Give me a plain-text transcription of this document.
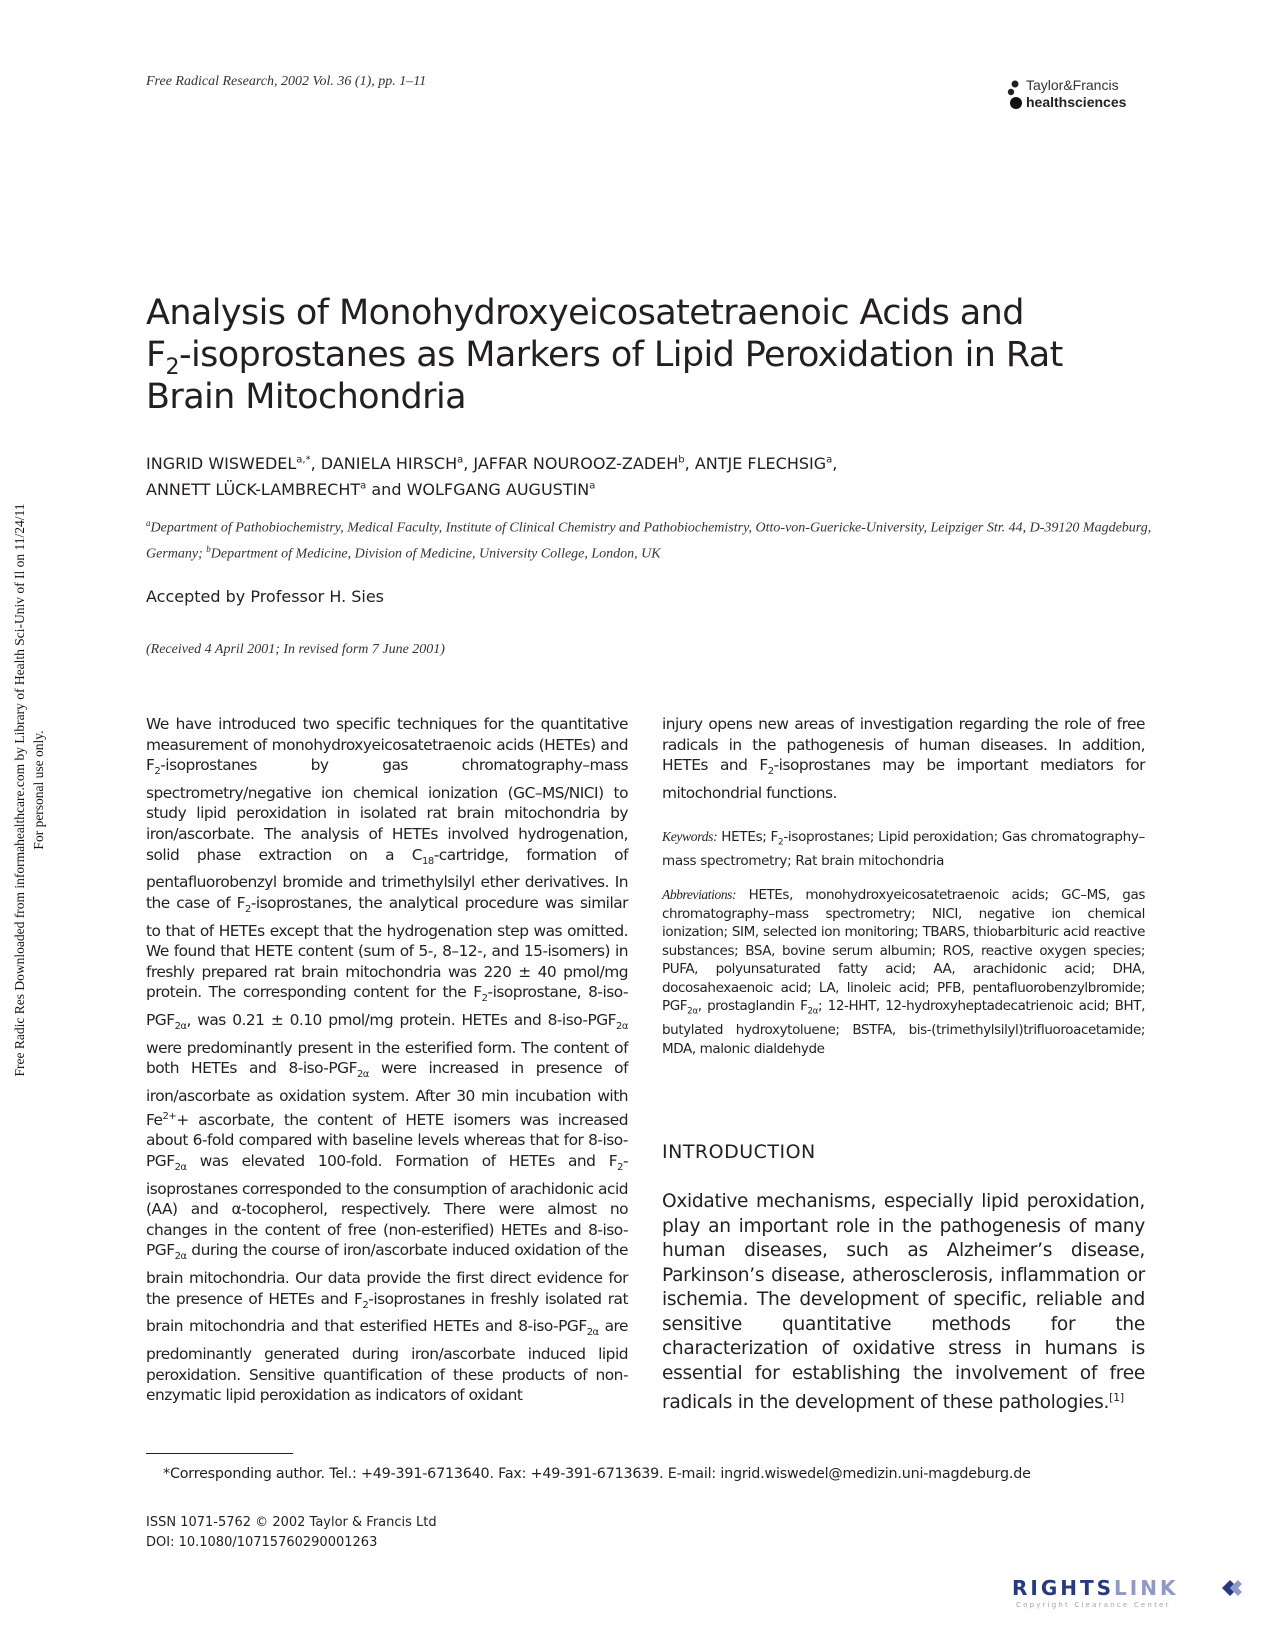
Free Radical Research, 2002 Vol. 36 (1), pp. 1–11	Taylor&Francis
healthsciences
Free Radic Res Downloaded from informahealthcare.com by Library of Health Sci-Univ of Il on 11/24/11 For personal use only.
Analysis of Monohydroxyeicosatetraenoic Acids and
$F_2$-isoprostanes as Markers of Lipid Peroxidation in Rat Brain Mitochondria
INGRID $WISWEDEL^{a,*}$, DANIELA HIRSCH$^a$, JAFFAR NOUROOZ-ZADEH$^b$, ANTJE FLECHSIG$^a$,
ANNETT LÜCK-LAMBRECHT$^a$ and WOLFGANG AUGUSTIN$^a$
$^a$Department of Pathobiochemistry, Medical Faculty, Institute of Clinical Chemistry and Pathobiochemistry, Otto-von-Guericke-University, Leipziger Str. 44, D-39120 Magdeburg, Germany; $^b$Department of Medicine, Division of Medicine, University College, London, UK
Accepted by Professor H. Sies
(Received 4 April 2001; In revised form 7 June 2001)

We have introduced two specific techniques for the quantitative measurement of monohydroxyeicosatetraenoic acids (HETEs) and $F_2$-isoprostanes by gas chromatography–mass spectrometry/negative ion chemical ionization (GC–MS/NICI) to study lipid peroxidation in isolated rat brain mitochondria by iron/ascorbate. The analysis of HETEs involved hydrogenation, solid phase extraction on a $C_{18}$-cartridge, formation of pentafluorobenzyl bromide and trimethylsilyl ether derivatives. In the case of $F_2$-isoprostanes, the analytical procedure was similar to that of HETEs except that the hydrogenation step was omitted. We found that HETE content (sum of 5-, 8–12-, and 15-isomers) in freshly prepared rat brain mitochondria was 220 ± 40 pmol/mg protein. The corresponding content for the $F_2$-isoprostane, $8-iso-PGF_{2\alpha}$, was 0.21 ± 0.10 pmol/mg protein. HETEs and $8-iso-PGF_{2\alpha}$ were predominantly present in the esterified form. The content of both HETEs and $8-iso-PGF_{2\alpha}$ were increased in presence of iron/ascorbate as oxidation system. After 30 min incubation with $Fe^{2+}+$ ascorbate, the content of HETE isomers was increased about 6-fold compared with baseline levels whereas that for $8-iso-PGF_{2\alpha}$ was elevated 100-fold. Formation of HETEs and $F_2$-isoprostanes corresponded to the consumption of arachidonic acid (AA) and α-tocopherol, respectively. There were almost no changes in the content of free (non-esterified) HETEs and $8-iso-PGF_{2\alpha}$ during the course of iron/ascorbate induced oxidation of the brain mitochondria. Our data provide the first direct evidence for the presence of HETEs and $F_2$-isoprostanes in freshly isolated rat brain mitochondria and that esterified HETEs and $8-iso-PGF_{2\alpha}$ are predominantly generated during iron/ascorbate induced lipid peroxidation. Sensitive quantification of these products of non-enzymatic lipid peroxidation as indicators of oxidant

injury opens new areas of investigation regarding the role of free radicals in the pathogenesis of human diseases. In addition, HETEs and $F_2$-isoprostanes may be important mediators for mitochondrial functions.

Keywords: HETEs; $F_2$-isoprostanes; Lipid peroxidation; Gas chromatography–mass spectrometry; Rat brain mitochondria

Abbreviations: HETEs, monohydroxyeicosatetraenoic acids; GC–MS, gas chromatography–mass spectrometry; NICI, negative ion chemical ionization; SIM, selected ion monitoring; TBARS, thiobarbituric acid reactive substances; BSA, bovine serum albumin; ROS, reactive oxygen species; PUFA, polyunsaturated fatty acid; AA, arachidonic acid; DHA, docosahexaenoic acid; LA, linoleic acid; PFB, pentafluorobenzylbromide; $PGF_{2\alpha}$, prostaglandin $F_{2\alpha}$; 12-HHT, 12-hydroxyheptadecatrienoic acid; BHT, butylated hydroxytoluene; BSTFA, bis-(trimethylsilyl)trifluoroacetamide; MDA, malonic dialdehyde

INTRODUCTION

Oxidative mechanisms, especially lipid peroxidation, play an important role in the pathogenesis of many human diseases, such as Alzheimer’s disease, Parkinson’s disease, atherosclerosis, inflammation or ischemia. The development of specific, reliable and sensitive quantitative methods for the characterization of oxidative stress in humans is essential for establishing the involvement of free radicals in the development of these pathologies.[1]

*Corresponding author. Tel.: +49-391-6713640. Fax: +49-391-6713639. E-mail: ingrid.wiswedel@medizin.uni-magdeburg.de
ISSN 1071-5762 © 2002 Taylor & Francis Ltd
DOI: 10.1080/10715760290001263
RIGHTSLINK
Copyright Clearance Center
